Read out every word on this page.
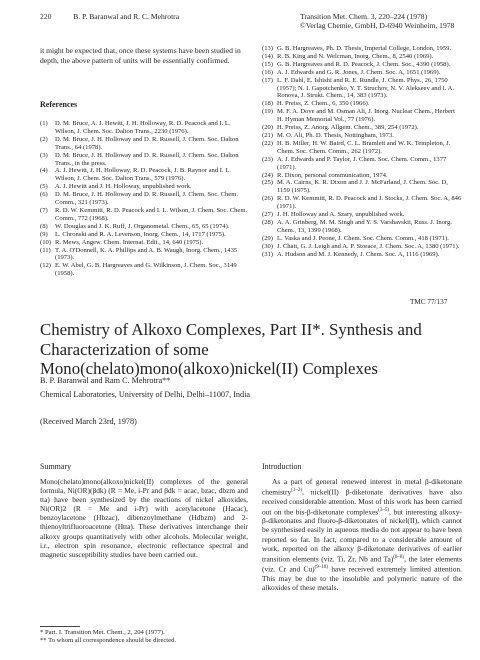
220	B. P. Baranwal and R. C. Mehrotra	Transition Met. Chem. 3, 220–224 (1978)
©Verlag Chemie, GmbH, D-6940 Weinheim, 1978
it might be expected that, once these systems have been studied in depth, the above pattern of units will be essentially confirmed.
References
(1) D. M. Bruce, A. J. Hewitt, J. H. Holloway, R. D. Peacock and I. L. Wilson, J. Chem. Soc. Dalton Trans., 2230 (1976).
(2) D. M. Bruce, J. H. Holloway and D. R. Russell, J. Chem. Soc. Dalton Trans., 64 (1978).
(3) D. M. Bruce, J. H. Holloway and D. R. Russell, J. Chem. Soc. Dalton Trans., in the press.
(4) A. J. Hewitt, J. H. Holloway, R. D. Peacock, J. B. Raynor and I. L. Wilson, J. Chem. Soc. Dalton Trans., 579 (1976).
(5) A. J. Hewitt and J. H. Holloway, unpublished work.
(6) D. M. Bruce, J. H. Holloway and D. R. Russell, J. Chem. Soc. Chem. Comm., 321 (1973).
(7) R. D. W. Kemmitt, R. D. Peacock and I. L. Wilson, J. Chem. Soc. Chem. Comm., 772 (1968).
(8) W. Douglas and J. K. Ruff, J. Organometal. Chem., 65, 65 (1974).
(9) L. Chronski and R. A. Levenson, Inorg. Chem., 14, 1717 (1975).
(10) R. Mews, Angew. Chem. Internat. Edit., 14, 640 (1975).
(11) T. A. O'Donnell, K. A. Phillips and A. B. Waugh, Inorg. Chem., 1435 (1973).
(12) E. W. Abel, G. B. Hargreaves and G. Wilkinson, J. Chem. Soc., 3149 (1958).
(13) G. B. Hargreaves, Ph. D. Thesis, Imperial College, London, 1959.
(14) R. B. King and N. Welcman, Inorg. Chem., 8, 2540 (1969).
(15) G. B. Hargreaves and R. D. Peacock, J. Chem. Soc., 4390 (1958).
(16) A. J. Edwards and G. R. Jones, J. Chem. Soc. A, 1651 (1969).
(17) L. F. Dahl, E. Ishishi and R. E. Rundle, J. Chem. Phys., 26, 1750 (1957); N. I. Gapotchenko, Y. T. Struchov, N. V. Alekseev and I. A. Ronova, J. Strukt. Chem., 14, 383 (1973).
(18) H. Preiss, Z. Chem., 6, 350 (1966).
(19) M. F. A. Dove and M. Osman Ali, J. Inorg. Nuclear Chem., Herbert H. Hyman Memorial Vol., 77 (1976).
(20) H. Preiss, Z. Anorg. Allgem. Chem., 389, 254 (1972).
(21) M. O. Ali, Ph. D. Thesis, Nottingham, 1973.
(22) H. B. Miller, H. W. Baird, C. L. Bramlett and W. K. Templeton, J. Chem. Soc. Chem. Comm., 262 (1972).
(23) A. J. Edwards and P. Taylor, J. Chem. Soc. Chem. Comm., 1377 (1971).
(24) R. Dixon, personal communication, 1974.
(25) M. A. Cairns, K. R. Dixon and J. J. McFarland, J. Chem. Soc. D, 1159 (1975).
(26) R. D. W. Kemmitt, R. D. Peacock and J. Stocks, J. Chem. Soc. A, 846 (1971).
(27) J. H. Holloway and A. Szary, unpublished work.
(28) A. A. Grinberg, M. M. Singh and Y. S. Varshavskii, Russ. J. Inorg. Chem., 13, 1399 (1968).
(29) L. Vaska and J. Peone, J. Chem. Soc. Chem. Comm., 418 (1971).
(30) J. Chatt, G. J. Leigh and A. P. Storace, J. Chem. Soc. A, 1380 (1971).
(31) A. Hudson and M. J. Kennedy, J. Chem. Soc. A, 1116 (1969).
TMC 77/137
Chemistry of Alkoxo Complexes, Part II*. Synthesis and Characterization of some Mono(chelato)mono(alkoxo)nickel(II) Complexes
B. P. Baranwal and Ram C. Mehrotra**
Chemical Laboratories, University of Delhi, Delhi–11007, India
(Received March 23rd, 1978)
Summary
Mono(chelato)mono(alkoxo)nickel(II) complexes of the general formula, Ni(OR)(βdk) (R = Me, i-Pr and βdk = acac, bzac, dbzm and tta) have been synthesized by the reactions of nickel alkoxides, Ni(OR)2 (R = Me and i-Pr) with acetylacetone (Hacac), benzoylacetone (Hbzac), dibenzoylmethane (Hdbzm) and 2-thienoyltrifluoroacetone (Htta). These derivatives interchange their alkoxy groups quantitatively with other alcohols. Molecular weight, i.r., electron spin resonance, electronic reflectance spectral and magnetic susceptibility studies have been carried out.
* Part. I. Transition Met. Chem., 2, 204 (1977).
** To whom all correspondence should be directed.
Introduction
As a part of general renewed interest in metal β-diketonate chemistry$^{(1-2)}$, nickel(II) β-diketonate derivatives have also received considerable attention. Most of this work has been carried out on the bis-β-diketonate complexes$^{(3-5)}$, but interesting alkoxy-β-diketonates and fluoro-β-diketonates of nickel(II), which cannot be synthesised easily in aqueous media do not appear to have been reported so far. In fact, compared to a considerable amount of work, reported on the alkoxy β-diketonate derivatives of earlier transition elements (viz. Ti, Zr, Nb and Ta)$^{(6-8)}$, the later elements (viz. Cr and Cu)$^{(9-10)}$ have received extremely limited attention. This may be due to the insoluble and polymeric nature of the alkoxides of these metals.
